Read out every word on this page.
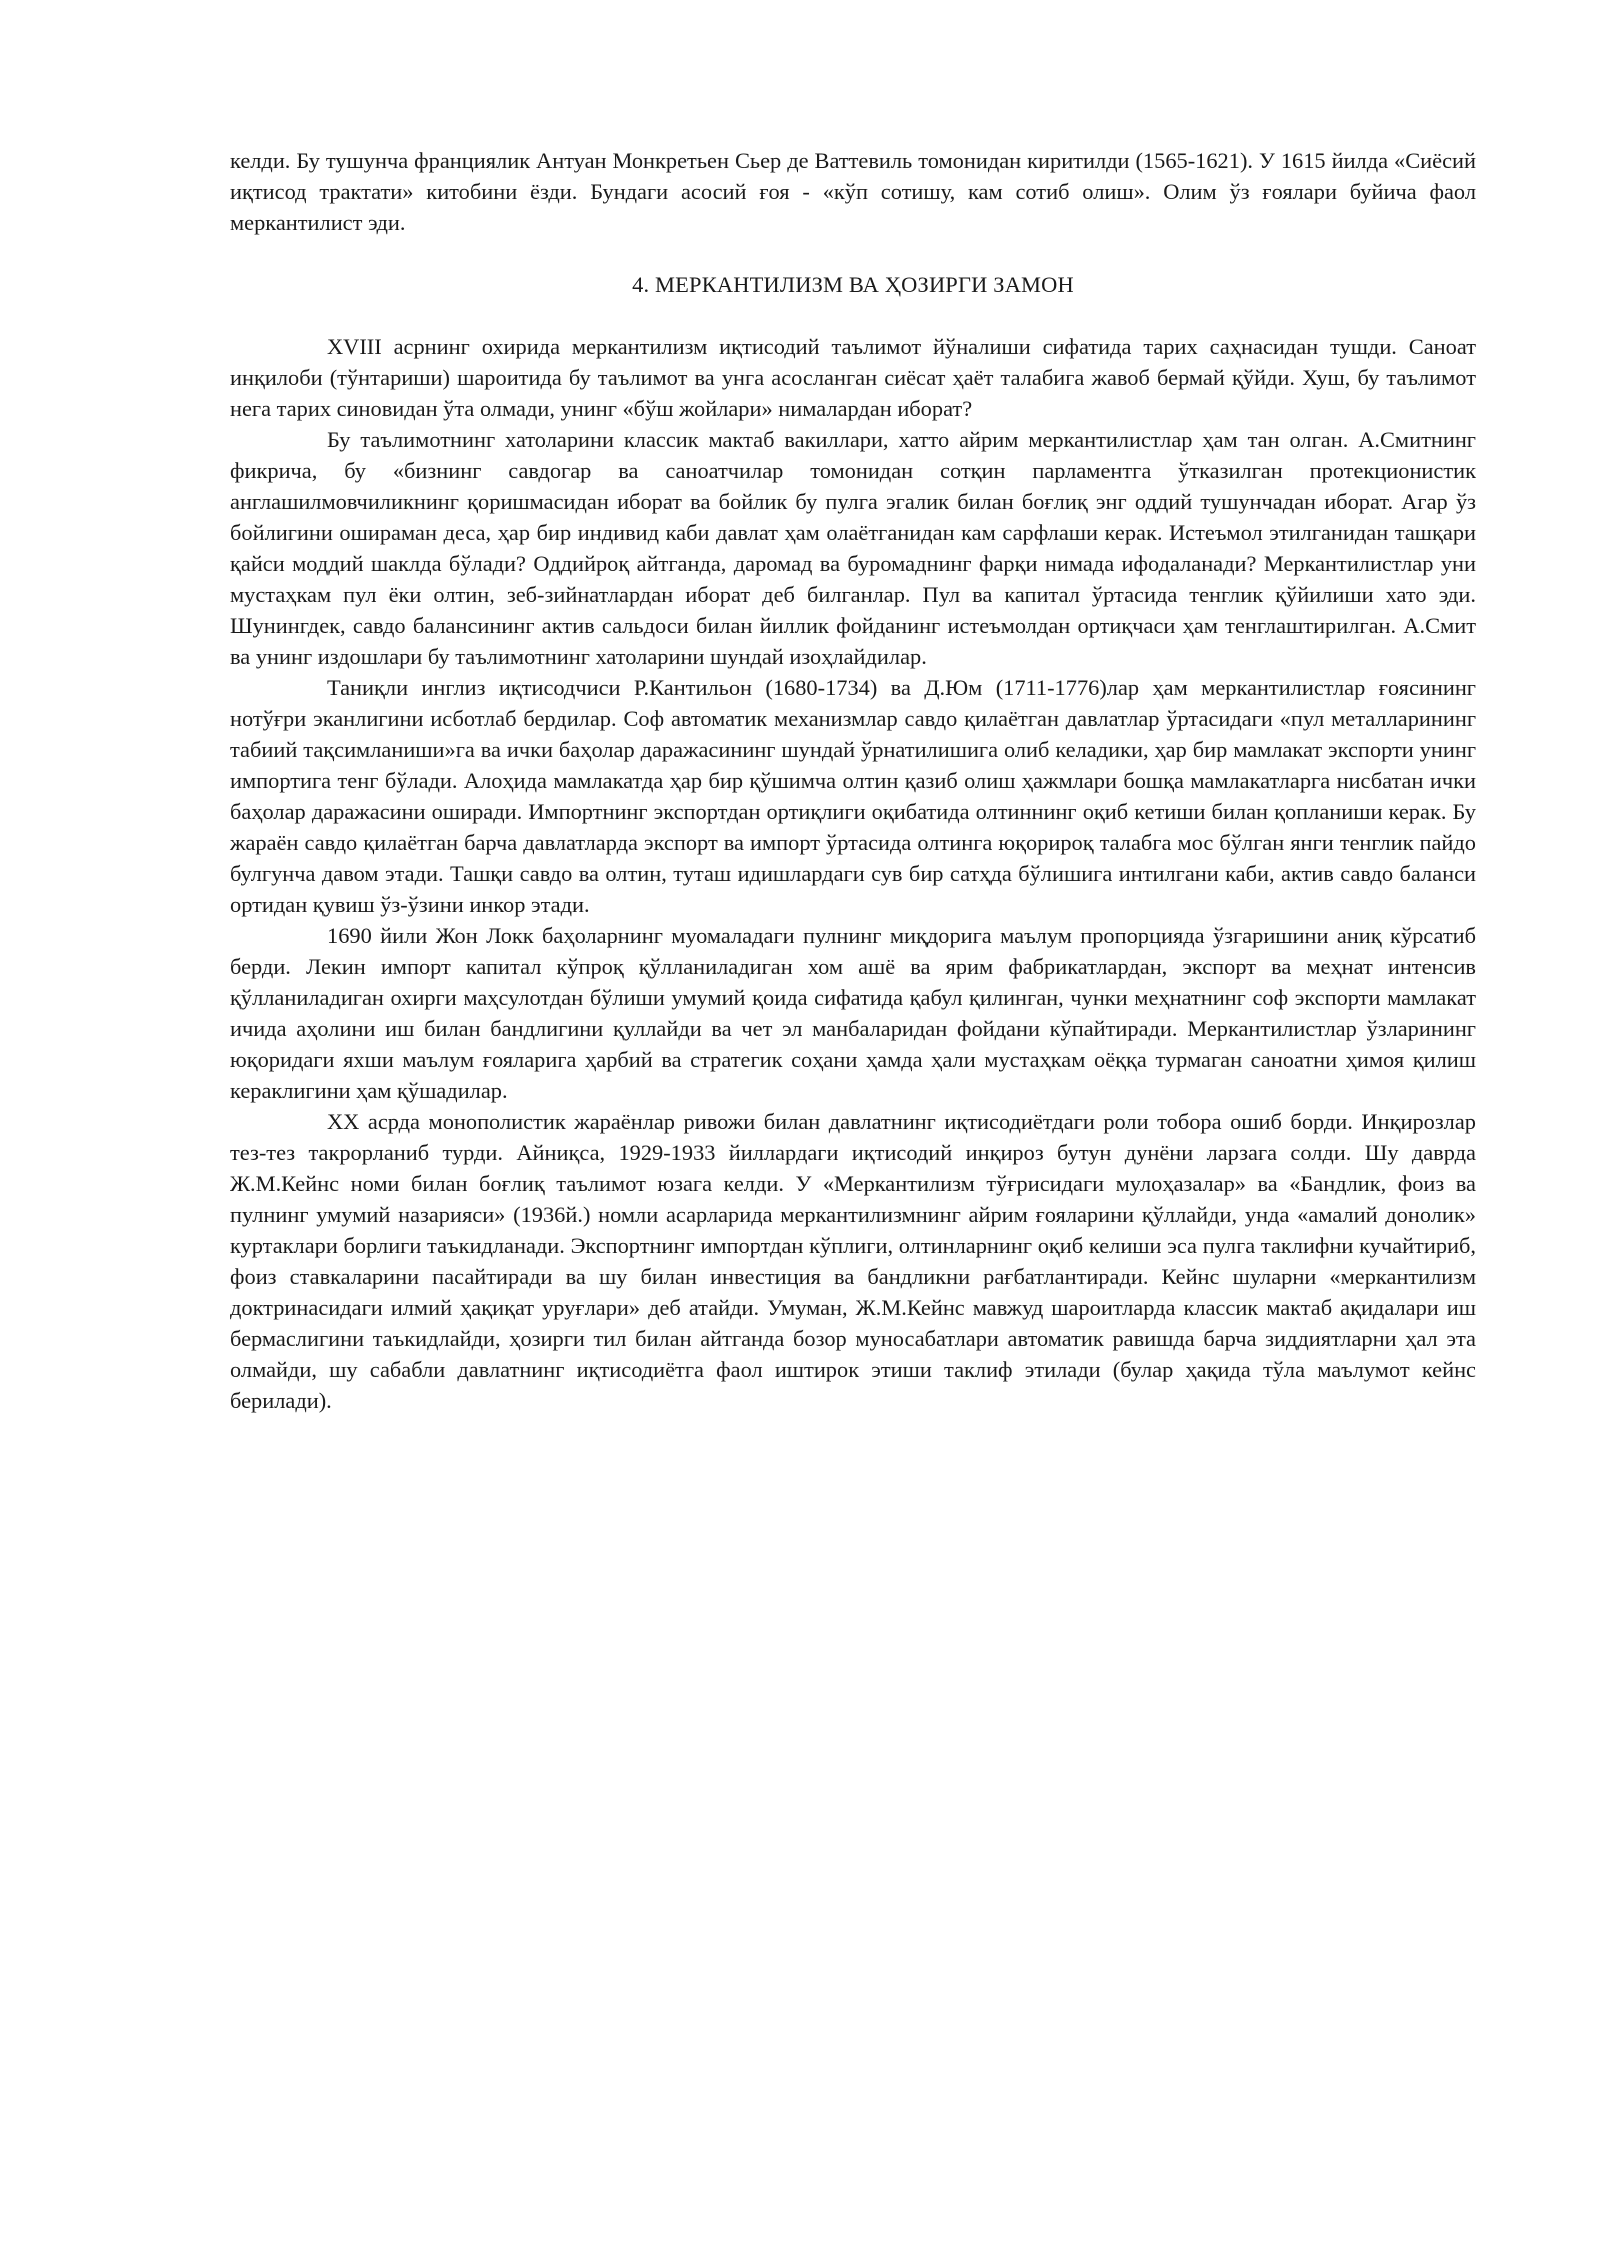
келди. Бу тушунча франциялик Антуан Монкретьен Сьер де Ваттевиль томонидан киритилди (1565-1621). У 1615 йилда «Сиёсий иқтисод трактати» китобини ёзди. Бундаги асосий ғоя - «кўп сотишу, кам сотиб олиш». Олим ўз ғоялари буйича фаол меркантилист эди.

4. МЕРКАНТИЛИЗМ ВА ҲОЗИРГИ ЗАМОН

XVIII асрнинг охирида меркантилизм иқтисодий таълимот йўналиши сифатида тарих саҳнасидан тушди. Саноат инқилоби (тўнтариши) шароитида бу таълимот ва унга асосланган сиёсат ҳаёт талабига жавоб бермай қўйди. Хуш, бу таълимот нега тарих синовидан ўта олмади, унинг «бўш жойлари» нималардан иборат?

Бу таълимотнинг хатоларини классик мактаб вакиллари, хатто айрим меркантилистлар ҳам тан олган. А.Смитнинг фикрича, бу «бизнинг савдогар ва саноатчилар томонидан сотқин парламентга ўтказилган протекционистик англашилмовчиликнинг қоришмасидан иборат ва бойлик бу пулга эгалик билан боғлиқ энг оддий тушунчадан иборат. Агар ўз бойлигини ошираман деса, ҳар бир индивид каби давлат ҳам олаётганидан кам сарфлаши керак. Истеъмол этилганидан ташқари қайси моддий шаклда бўлади? Оддийроқ айтганда, даромад ва буромаднинг фарқи нимада ифодаланади? Меркантилистлар уни мустаҳкам пул ёки олтин, зеб-зийнатлардан иборат деб билганлар. Пул ва капитал ўртасида тенглик қўйилиши хато эди. Шунингдек, савдо балансининг актив сальдоси билан йиллик фойданинг истеъмолдан ортиқчаси ҳам тенглаштирилган. А.Смит ва унинг издошлари бу таълимотнинг хатоларини шундай изоҳлайдилар.

Таниқли инглиз иқтисодчиси Р.Кантильон (1680-1734) ва Д.Юм (1711-1776)лар ҳам меркантилистлар ғоясининг нотўғри эканлигини исботлаб бердилар. Соф автоматик механизмлар савдо қилаётган давлатлар ўртасидаги «пул металларининг табиий тақсимланиши»га ва ички баҳолар даражасининг шундай ўрнатилишига олиб келадики, ҳар бир мамлакат экспорти унинг импортига тенг бўлади. Алоҳида мамлакатда ҳар бир қўшимча олтин қазиб олиш ҳажмлари бошқа мамлакатларга нисбатан ички баҳолар даражасини оширади. Импортнинг экспортдан ортиқлиги оқибатида олтиннинг оқиб кетиши билан қопланиши керак. Бу жараён савдо қилаётган барча давлатларда экспорт ва импорт ўртасида олтинга юқорироқ талабга мос бўлган янги тенглик пайдо булгунча давом этади. Ташқи савдо ва олтин, туташ идишлардаги сув бир сатҳда бўлишига интилгани каби, актив савдо баланси ортидан қувиш ўз-ўзини инкор этади.

1690 йили Жон Локк баҳоларнинг муомаладаги пулнинг миқдорига маълум пропорцияда ўзгаришини аниқ кўрсатиб берди. Лекин импорт капитал кўпроқ қўлланиладиган хом ашё ва ярим фабрикатлардан, экспорт ва меҳнат интенсив қўлланиладиган охирги маҳсулотдан бўлиши умумий қоида сифатида қабул қилинган, чунки меҳнатнинг соф экспорти мамлакат ичида аҳолини иш билан бандлигини қуллайди ва чет эл манбаларидан фойдани кўпайтиради. Меркантилистлар ўзларининг юқоридаги яхши маълум ғояларига ҳарбий ва стратегик соҳани ҳамда ҳали мустаҳкам оёққа турмаган саноатни ҳимоя қилиш кераклигини ҳам қўшадилар.

XX асрда монополистик жараёнлар ривожи билан давлатнинг иқтисодиётдаги роли тобора ошиб борди. Инқирозлар тез-тез такрорланиб турди. Айниқса, 1929-1933 йиллардаги иқтисодий инқироз бутун дунёни ларзага солди. Шу даврда Ж.М.Кейнс номи билан боғлиқ таълимот юзага келди. У «Меркантилизм тўғрисидаги мулоҳазалар» ва «Бандлик, фоиз ва пулнинг умумий назарияси» (1936й.) номли асарларида меркантилизмнинг айрим ғояларини қўллайди, унда «амалий донолик» куртаклари борлиги таъкидланади. Экспортнинг импортдан кўплиги, олтинларнинг оқиб келиши эса пулга таклифни кучайтириб, фоиз ставкаларини пасайтиради ва шу билан инвестиция ва бандликни рағбатлантиради. Кейнс шуларни «меркантилизм доктринасидаги илмий ҳақиқат уруғлари» деб атайди. Умуман, Ж.М.Кейнс мавжуд шароитларда классик мактаб ақидалари иш бермаслигини таъкидлайди, ҳозирги тил билан айтганда бозор муносабатлари автоматик равишда барча зиддиятларни ҳал эта олмайди, шу сабабли давлатнинг иқтисодиётга фаол иштирок этиши таклиф этилади (булар ҳақида тўла маълумот кейнс берилади).
